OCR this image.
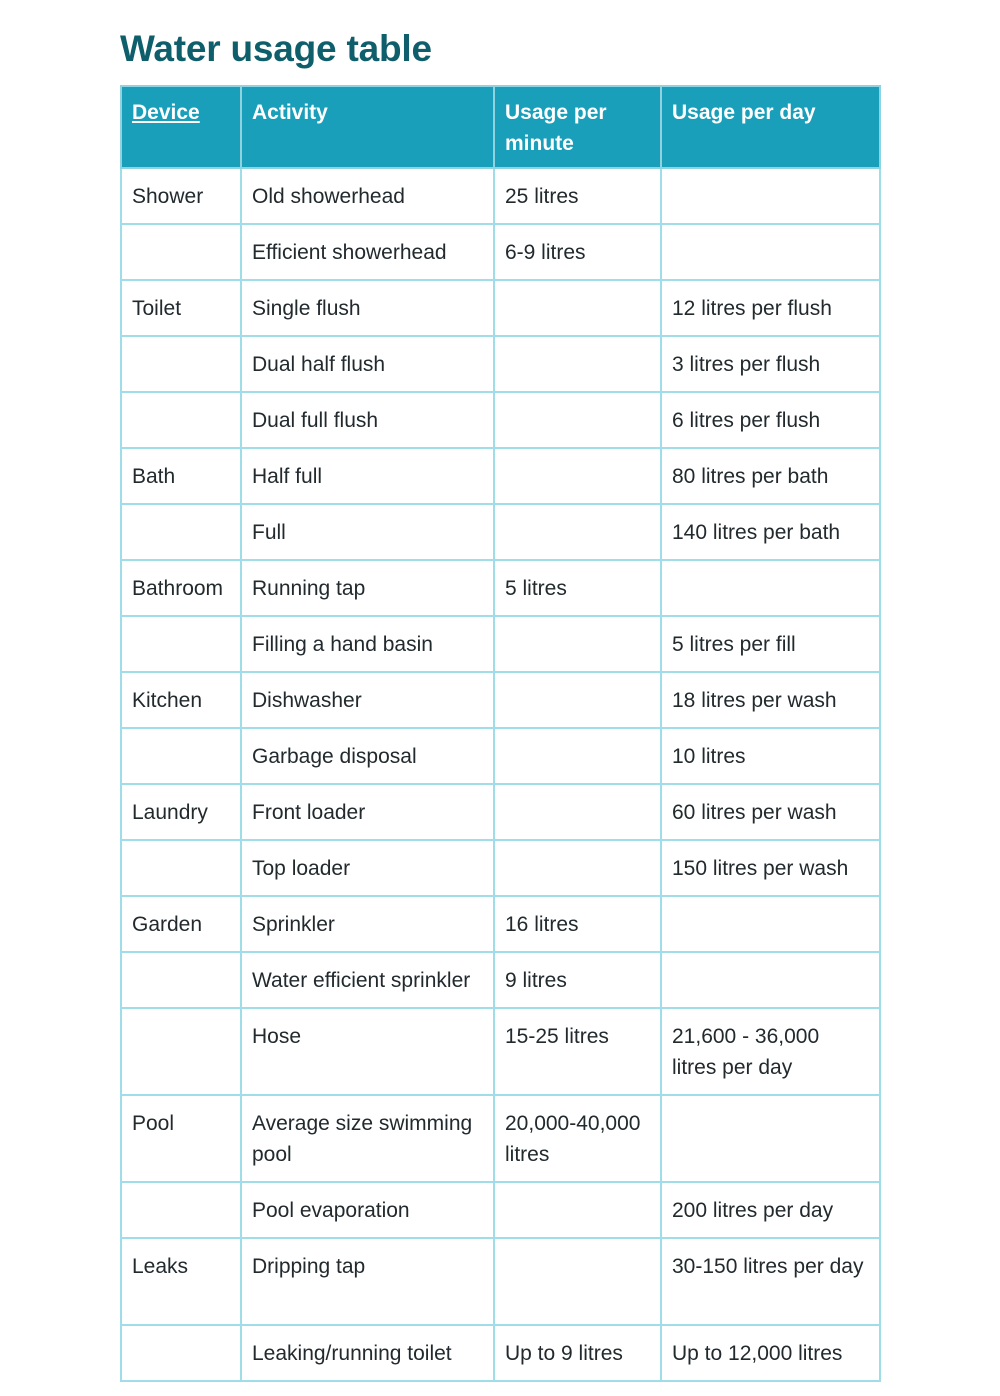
Water usage table
Device	Activity	Usage per minute	Usage per day
Shower	Old showerhead	25 litres	
	Efficient showerhead	6-9 litres	
Toilet	Single flush		12 litres per flush
	Dual half flush		3 litres per flush
	Dual full flush		6 litres per flush
Bath	Half full		80 litres per bath
	Full		140 litres per bath
Bathroom	Running tap	5 litres	
	Filling a hand basin		5 litres per fill
Kitchen	Dishwasher		18 litres per wash
	Garbage disposal		10 litres
Laundry	Front loader		60 litres per wash
	Top loader		150 litres per wash
Garden	Sprinkler	16 litres	
	Water efficient sprinkler	9 litres	
	Hose	15-25 litres	21,600 - 36,000 litres per day
Pool	Average size swimming pool	20,000-40,000 litres	
	Pool evaporation		200 litres per day
Leaks	Dripping tap		30-150 litres per day
	Leaking/running toilet	Up to 9 litres	Up to 12,000 litres
